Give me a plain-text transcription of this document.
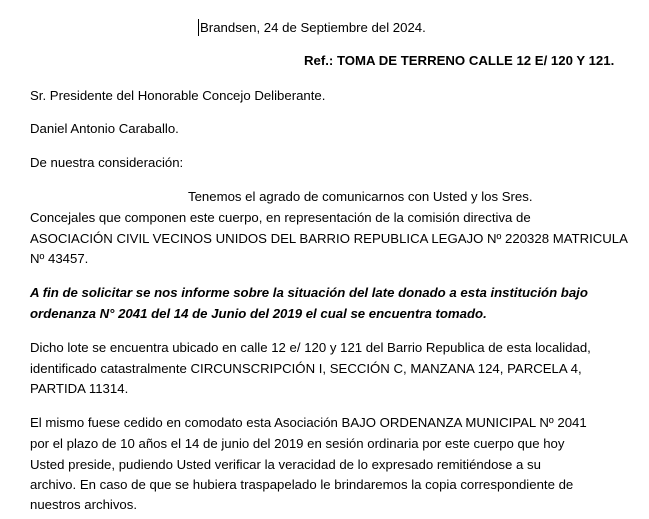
Brandsen, 24 de Septiembre del 2024.
Ref.: TOMA DE TERRENO CALLE 12 E/ 120 Y 121.
Sr. Presidente del Honorable Concejo Deliberante.
Daniel Antonio Caraballo.
De nuestra consideración:
Tenemos el agrado de comunicarnos con Usted y los Sres.
Concejales que componen este cuerpo, en representación de la comisión directiva de
ASOCIACIÓN CIVIL VECINOS UNIDOS DEL BARRIO REPUBLICA LEGAJO Nº 220328 MATRICULA
Nº 43457.
A fin de solicitar se nos informe sobre la situación del late donado a esta institución bajo
ordenanza N° 2041 del 14 de Junio del 2019 el cual se encuentra tomado.
Dicho lote se encuentra ubicado en calle 12 e/ 120 y 121 del Barrio Republica de esta localidad,
identificado catastralmente CIRCUNSCRIPCIÓN I, SECCIÓN C, MANZANA 124, PARCELA 4,
PARTIDA 11314.
El mismo fuese cedido en comodato esta Asociación BAJO ORDENANZA MUNICIPAL Nº 2041
por el plazo de 10 años el 14 de junio del 2019 en sesión ordinaria por este cuerpo que hoy
Usted preside, pudiendo Usted verificar la veracidad de lo expresado remitiéndose a su
archivo. En caso de que se hubiera traspapelado le brindaremos la copia correspondiente de
nuestros archivos.
